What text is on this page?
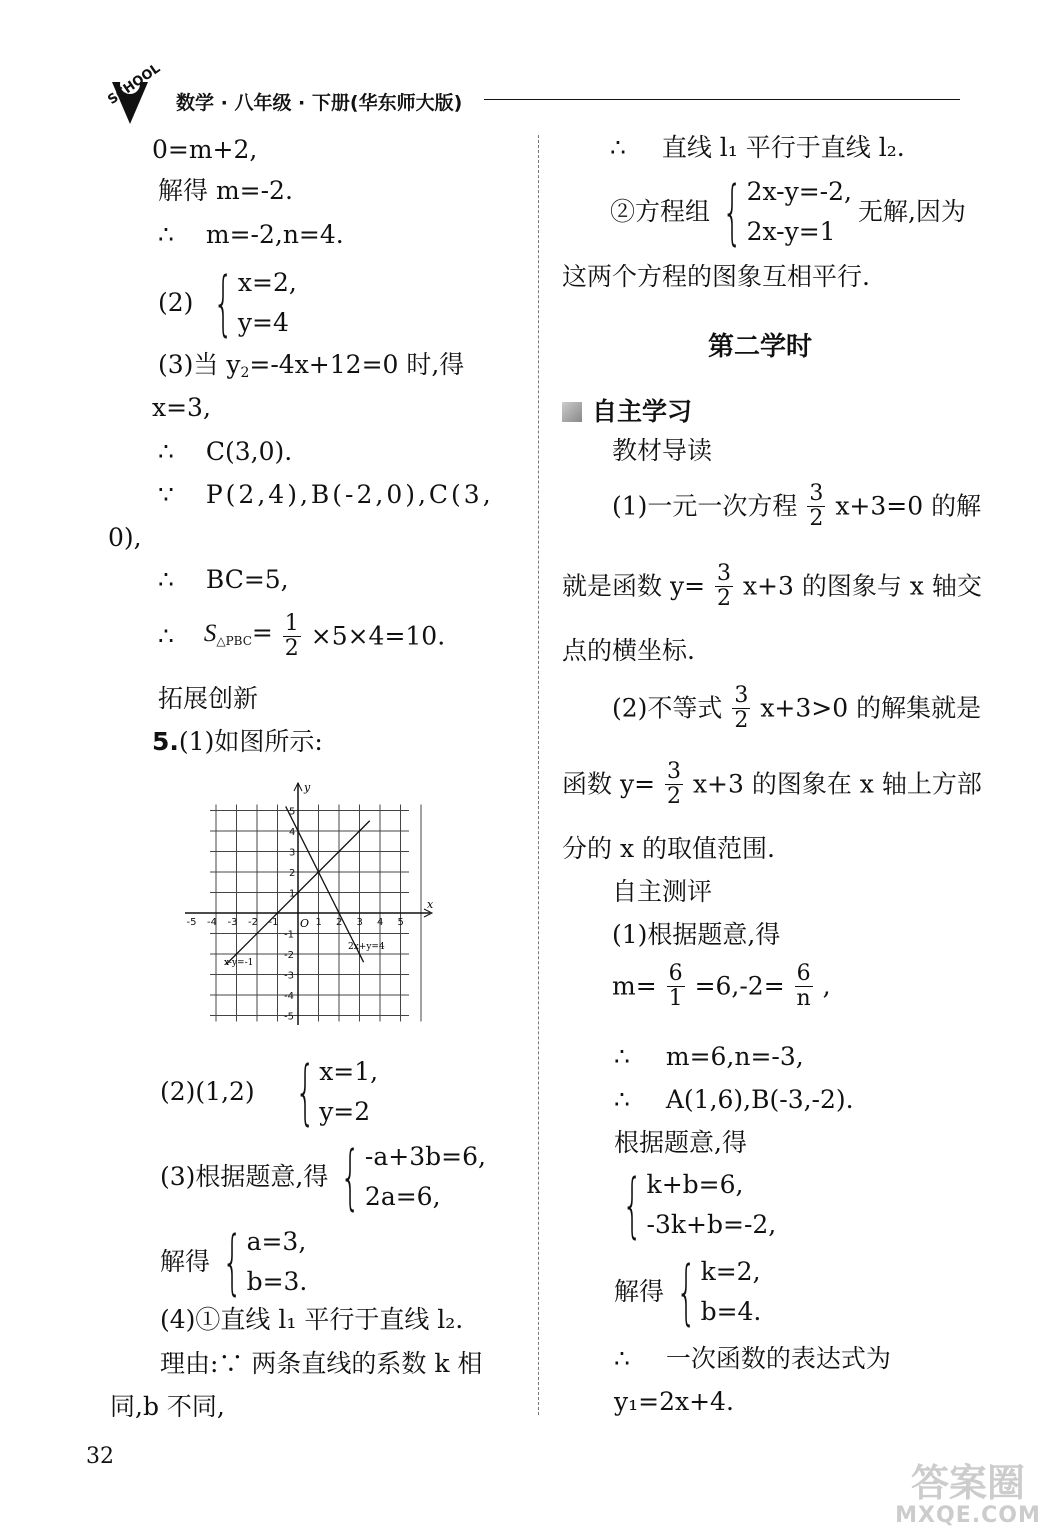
SCHOOL 数学 · 八年级 · 下册(华东师大版)
0=m+2,
解得 m=-2.
∴ m=-2,n=4.
(2) { x=2,
y=4
(3)当 $y_2=-4x+12=0$ 时,得
x=3,
∴ C(3,0).
∵ P(2,4),B(-2,0),C(3,
0),
∴ BC=5,
∴ $S_{\triangle PBC}= \frac{1}{2} \times 5\times 4=10$.
拓展创新
5.(1)如图所示:
-5 -4 -3 -2 -1	1 2 3 4 5
5
4
3
2
1
-1
-2
-3
-4
-5
x
y
O
x-y=-1
2x+y=4
(2)(1,2) { x=1,
y=2
(3)根据题意,得 { -a+3b=6,
2a=6,
解得 { a=3,
b=3.
(4)①直线 l₁ 平行于直线 l₂.
理由:∵ 两条直线的系数 k 相
同,b 不同,
∴ 直线 l₁ 平行于直线 l₂.
②方程组 { 2x-y=-2,
2x-y=1
无解,因为
这两个方程的图象互相平行.
第二学时
自主学习
教材导读
(1)一元一次方程 $\frac{3}{2} x+3=0$ 的解
就是函数 $y= \frac{3}{2} x+3$ 的图象与 x 轴交
点的横坐标.
(2)不等式 $\frac{3}{2} x+3>0$ 的解集就是
函数 $y= \frac{3}{2} x+3$ 的图象在 x 轴上方部
分的 x 的取值范围.
自主测评
(1)根据题意,得
$m= \frac{6}{1} =6,-2= \frac{6}{n}$ ,
∴ m=6,n=-3,
∴ A(1,6),B(-3,-2).
根据题意,得
{ k+b=6,
-3k+b=-2,
解得 { k=2,
b=4.
∴ 一次函数的表达式为
y₁=2x+4.
32
答案圈
MXQE.COM
